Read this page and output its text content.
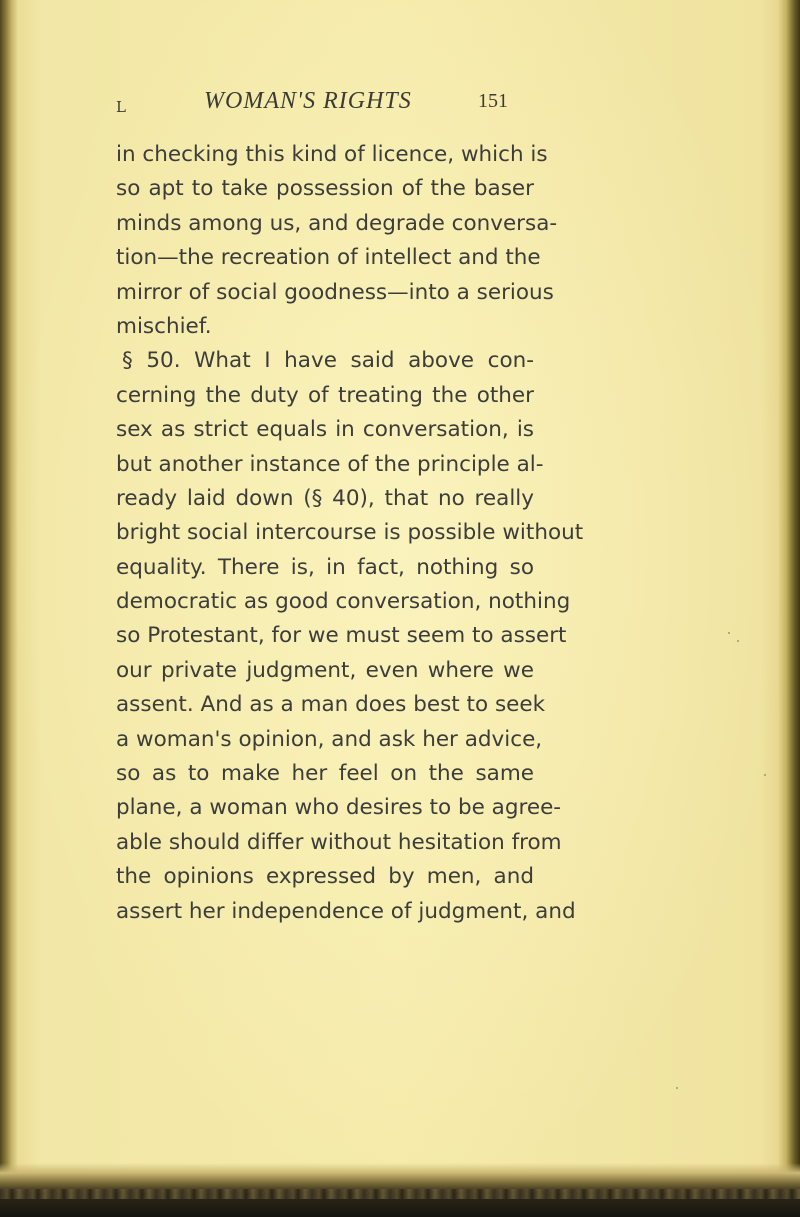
L	WOMAN'S RIGHTS	151
in checking this kind of licence, which is
so apt to take possession of the baser
minds among us, and degrade conversa-
tion—the recreation of intellect and the
mirror of social goodness—into a serious
mischief.
§ 50. What I have said above con-
cerning the duty of treating the other
sex as strict equals in conversation, is
but another instance of the principle al-
ready laid down (§ 40), that no really
bright social intercourse is possible without
equality. There is, in fact, nothing so
democratic as good conversation, nothing
so Protestant, for we must seem to assert
our private judgment, even where we
assent. And as a man does best to seek
a woman's opinion, and ask her advice,
so as to make her feel on the same
plane, a woman who desires to be agree-
able should differ without hesitation from
the opinions expressed by men, and
assert her independence of judgment, and
